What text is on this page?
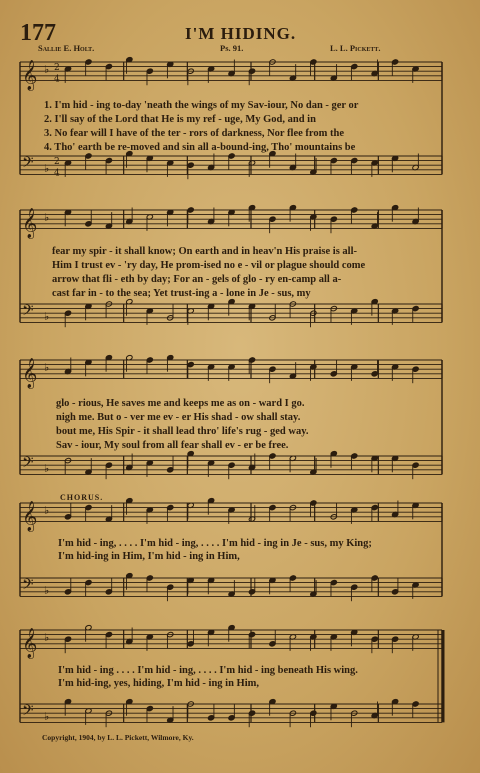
𝄞 ♭ 2
4
𝄢 ♭ 2
4
𝄞 ♭
𝄢 ♭
𝄞 ♭
𝄢 ♭
𝄞 ♭
𝄢 ♭
𝄞 ♭
𝄢 ♭
177	I'M HIDING.
Sallie E. Holt.	Ps. 91.	L. L. Pickett.
1. I'm hid - ing to-day 'neath the wings of my Sav-iour, No dan - ger or
2. I'll say of the Lord that He is my ref - uge, My God, and in
3. No fear will I have of the ter - rors of darkness, Nor flee from the
4. Tho' earth be re-moved and sin all a-bound-ing, Tho' mountains be
fear my spir - it shall know; On earth and in heav'n His praise is all-
Him I trust ev - 'ry day, He prom-ised no e - vil or plague should come
arrow that fli - eth by day; For an - gels of glo - ry en-camp all a-
cast far in - to the sea; Yet trust-ing a - lone in Je - sus, my
glo - rious, He saves me and keeps me as on - ward I go.
nigh me. But o - ver me ev - er His shad - ow shall stay.
bout me, His Spir - it shall lead thro' life's rug - ged way.
Sav - iour, My soul from all fear shall ev - er be free.
CHORUS.
I'm hid - ing, . . . . I'm hid - ing, . . . . I'm hid - ing in Je - sus, my King;
I'm hid-ing in Him, I'm hid - ing in Him,
I'm hid - ing . . . . I'm hid - ing, . . . . I'm hid - ing beneath His wing.
I'm hid-ing, yes, hiding, I'm hid - ing in Him,
Copyright, 1904, by L. L. Pickett, Wilmore, Ky.
